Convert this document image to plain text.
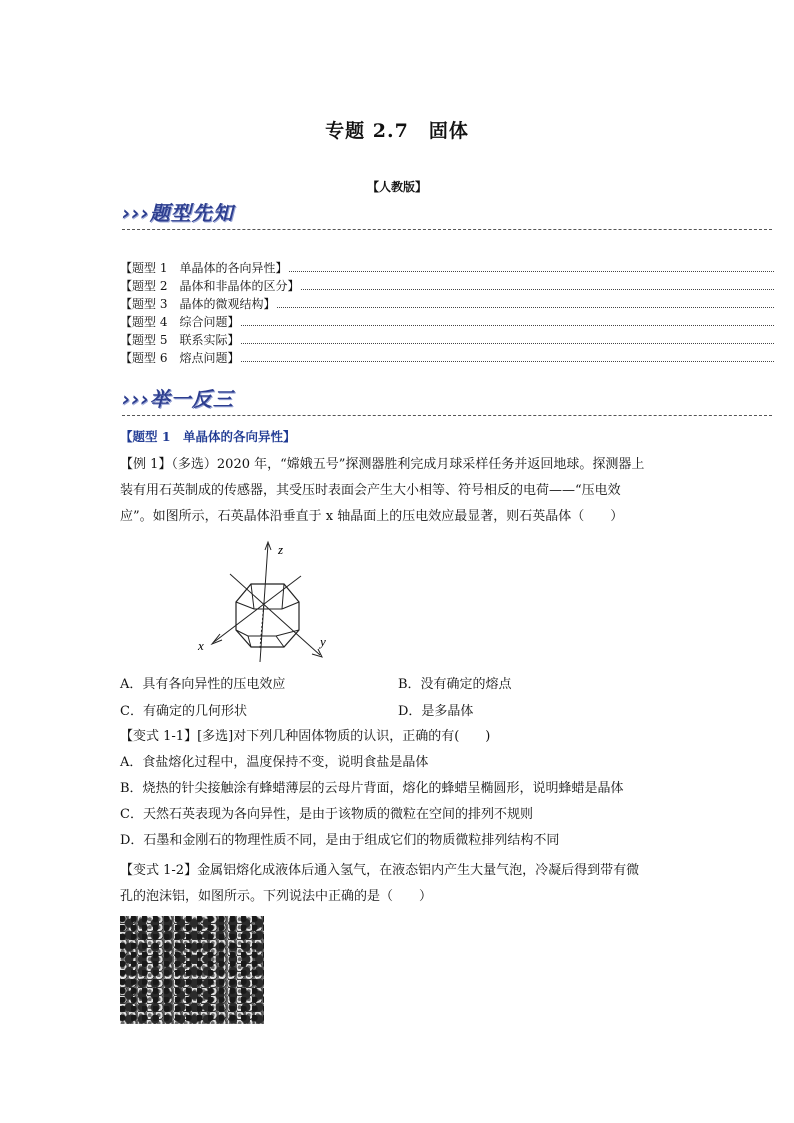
专题 2.7　固体
【人教版】
›››题型先知
【题型 1　单晶体的各向异性】
【题型 2　晶体和非晶体的区分】
【题型 3　晶体的微观结构】
【题型 4　综合问题】
【题型 5　联系实际】
【题型 6　熔点问题】
›››举一反三
【题型 1　单晶体的各向异性】
【例 1】（多选）2020 年，“嫦娥五号”探测器胜利完成月球采样任务并返回地球。探测器上
装有用石英制成的传感器，其受压时表面会产生大小相等、符号相反的电荷——“压电效
应”。如图所示，石英晶体沿垂直于 x 轴晶面上的压电效应最显著，则石英晶体（　　）
z
x	y
A．具有各向异性的压电效应	B．没有确定的熔点
C．有确定的几何形状	D．是多晶体
【变式 1-1】[多选]对下列几种固体物质的认识，正确的有(　　)
A．食盐熔化过程中，温度保持不变，说明食盐是晶体
B．烧热的针尖接触涂有蜂蜡薄层的云母片背面，熔化的蜂蜡呈椭圆形，说明蜂蜡是晶体
C．天然石英表现为各向异性，是由于该物质的微粒在空间的排列不规则
D．石墨和金刚石的物理性质不同，是由于组成它们的物质微粒排列结构不同
【变式 1-2】金属铝熔化成液体后通入氢气，在液态铝内产生大量气泡，冷凝后得到带有微
孔的泡沫铝，如图所示。下列说法中正确的是（　　）
